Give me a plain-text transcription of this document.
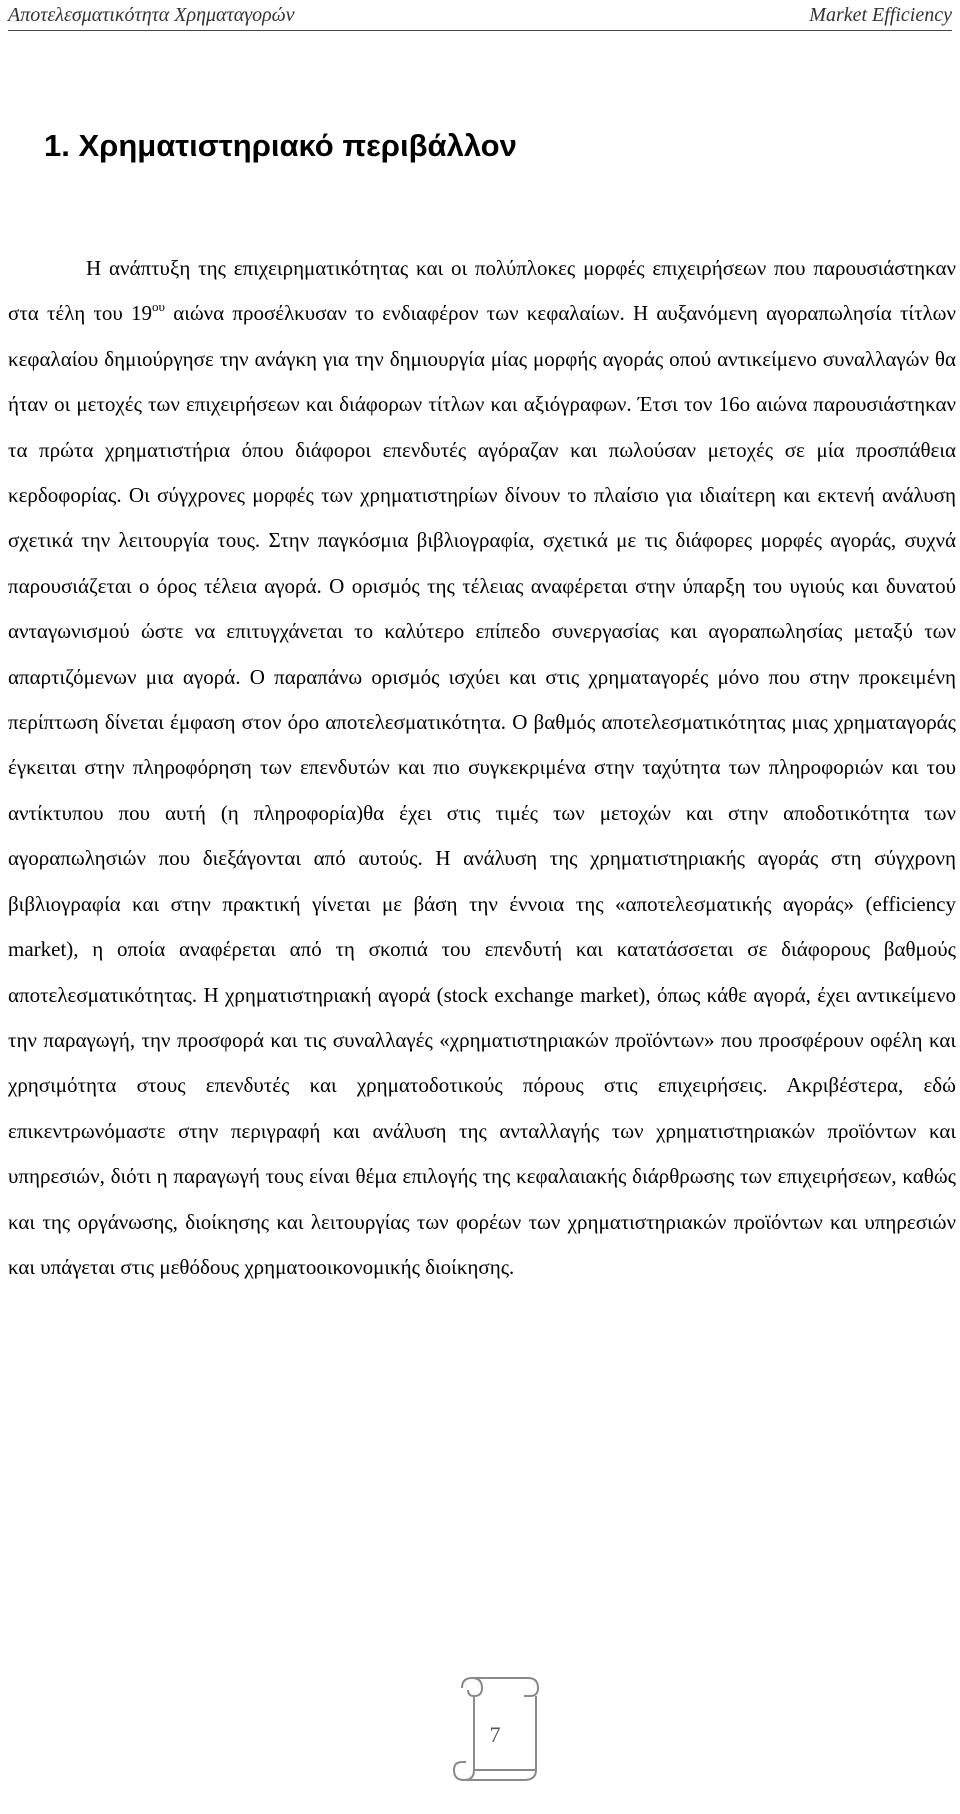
Αποτελεσματικότητα Χρηματαγορών	Market Efficiency
1. Χρηματιστηριακό περιβάλλον

Η ανάπτυξη της επιχειρηματικότητας και οι πολύπλοκες μορφές επιχειρήσεων που παρουσιάστηκαν στα τέλη του $19^{o\upsilon}$ αιώνα προσέλκυσαν το ενδιαφέρον των κεφαλαίων. Η αυξανόμενη αγοραπωλησία τίτλων κεφαλαίου δημιούργησε την ανάγκη για την δημιουργία μίας μορφής αγοράς οπού αντικείμενο συναλλαγών θα ήταν οι μετοχές των επιχειρήσεων και διάφορων τίτλων και αξιόγραφων. Έτσι τον 16ο αιώνα παρουσιάστηκαν τα πρώτα χρηματιστήρια όπου διάφοροι επενδυτές αγόραζαν και πωλούσαν μετοχές σε μία προσπάθεια κερδοφορίας. Οι σύγχρονες μορφές των χρηματιστηρίων δίνουν το πλαίσιο για ιδιαίτερη και εκτενή ανάλυση σχετικά την λειτουργία τους. Στην παγκόσμια βιβλιογραφία, σχετικά με τις διάφορες μορφές αγοράς, συχνά παρουσιάζεται ο όρος τέλεια αγορά. Ο ορισμός της τέλειας αναφέρεται στην ύπαρξη του υγιούς και δυνατού ανταγωνισμού ώστε να επιτυγχάνεται το καλύτερο επίπεδο συνεργασίας και αγοραπωλησίας μεταξύ των απαρτιζόμενων μια αγορά. Ο παραπάνω ορισμός ισχύει και στις χρηματαγορές μόνο που στην προκειμένη περίπτωση δίνεται έμφαση στον όρο αποτελεσματικότητα. Ο βαθμός αποτελεσματικότητας μιας χρηματαγοράς έγκειται στην πληροφόρηση των επενδυτών και πιο συγκεκριμένα στην ταχύτητα των πληροφοριών και του αντίκτυπου που αυτή (η πληροφορία)θα έχει στις τιμές των μετοχών και στην αποδοτικότητα των αγοραπωλησιών που διεξάγονται από αυτούς. Η ανάλυση της χρηματιστηριακής αγοράς στη σύγχρονη βιβλιογραφία και στην πρακτική γίνεται με βάση την έννοια της «αποτελεσματικής αγοράς» (efficiency market), η οποία αναφέρεται από τη σκοπιά του επενδυτή και κατατάσσεται σε διάφορους βαθμούς αποτελεσματικότητας. Η χρηματιστηριακή αγορά (stock exchange market), όπως κάθε αγορά, έχει αντικείμενο την παραγωγή, την προσφορά και τις συναλλαγές «χρηματιστηριακών προϊόντων» που προσφέρουν οφέλη και χρησιμότητα στους επενδυτές και χρηματοδοτικούς πόρους στις επιχειρήσεις. Ακριβέστερα, εδώ επικεντρωνόμαστε στην περιγραφή και ανάλυση της ανταλλαγής των χρηματιστηριακών προϊόντων και υπηρεσιών, διότι η παραγωγή τους είναι θέμα επιλογής της κεφαλαιακής διάρθρωσης των επιχειρήσεων, καθώς και της οργάνωσης, διοίκησης και λειτουργίας των φορέων των χρηματιστηριακών προϊόντων και υπηρεσιών και υπάγεται στις μεθόδους χρηματοοικονομικής διοίκησης.

7
